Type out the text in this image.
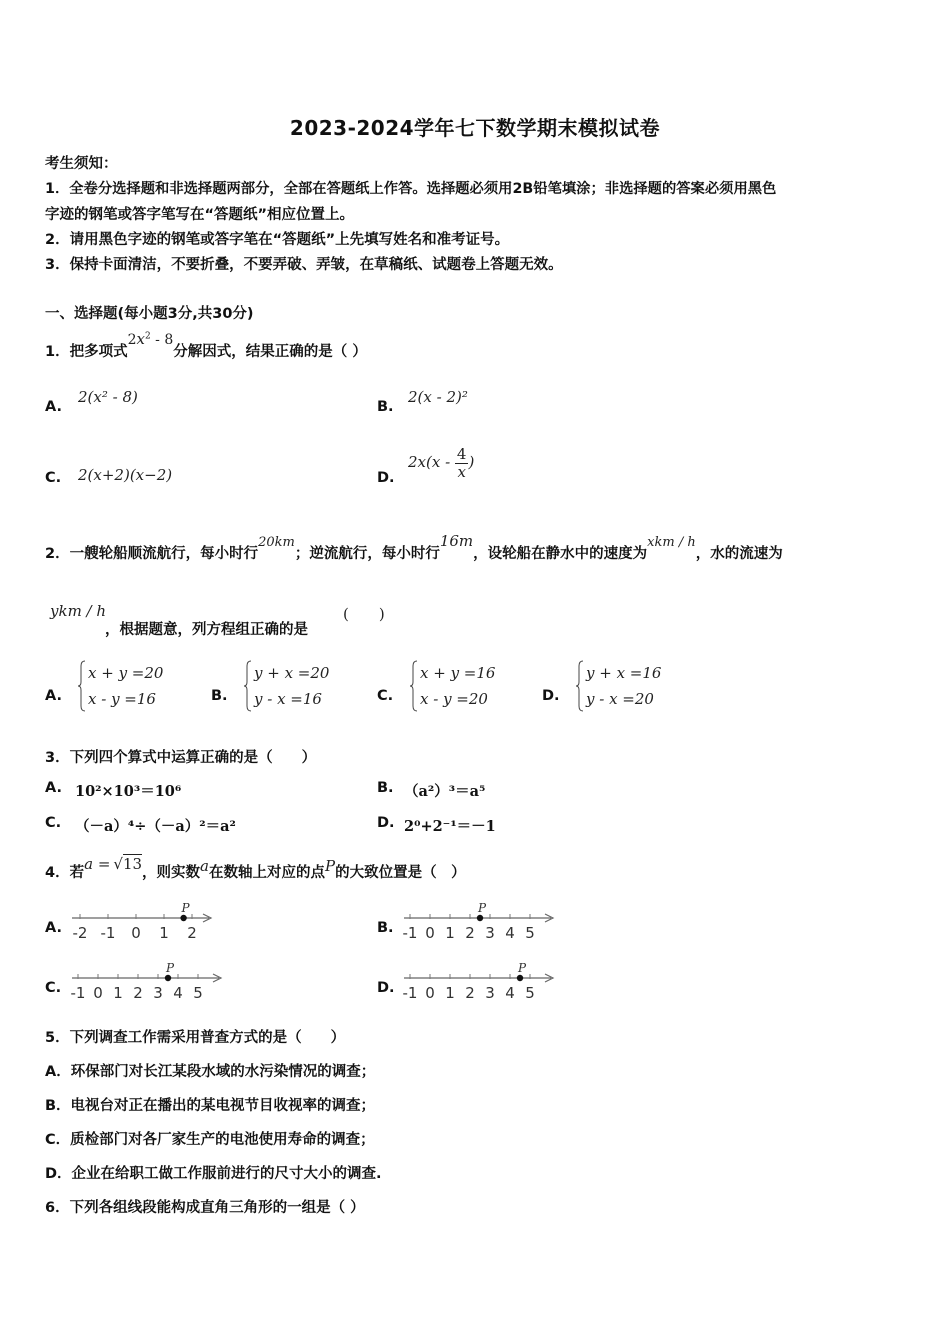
2023-2024学年七下数学期末模拟试卷
考生须知：
1．全卷分选择题和非选择题两部分，全部在答题纸上作答。选择题必须用2B铅笔填涂；非选择题的答案必须用黑色
字迹的钢笔或答字笔写在“答题纸”相应位置上。
2．请用黑色字迹的钢笔或答字笔在“答题纸”上先填写姓名和准考证号。
3．保持卡面清洁，不要折叠，不要弄破、弄皱，在草稿纸、试题卷上答题无效。
一、选择题(每小题3分,共30分)
1．把多项式$2x^2 - 8$分解因式，结果正确的是（ ）
A.
2(x² - 8)
B.
2(x - 2)²
C. 2(x+2)(x−2)	D.
$2x(x - \frac{4}{x}$ )
2．一艘轮船顺流航行，每小时行20km；逆流航行，每小时行16m，设轮船在静水中的速度为xkm / h，水的流速为
ykm / h
，根据题意，列方程组正确的是
(　　)
A.
x + y =20
x - y =16	B.
y + x =20
y - x =16	C.
x + y =16
x - y =20	D.
y + x =16
y - x =20
3．下列四个算式中运算正确的是（　　）
A. 10²×10³＝10⁶	B. （a²）³＝a⁵
C. （－a）⁴÷（－a）²＝a²	D. 2⁰+2⁻¹＝－1
4．若a = √13，则实数a在数轴上对应的点P的大致位置是（　）
A. -2 -1 0 1 2
P
B. -1 0 1 2 3 4 5
P
C. -1 0 1 2 3 4 5
P
D. -1 0 1 2 3 4 5
P
5．下列调查工作需采用普查方式的是（　　）
A．环保部门对长江某段水域的水污染情况的调查；
B．电视台对正在播出的某电视节目收视率的调查；
C．质检部门对各厂家生产的电池使用寿命的调查；
D．企业在给职工做工作服前进行的尺寸大小的调查.
6．下列各组线段能构成直角三角形的一组是（ ）
